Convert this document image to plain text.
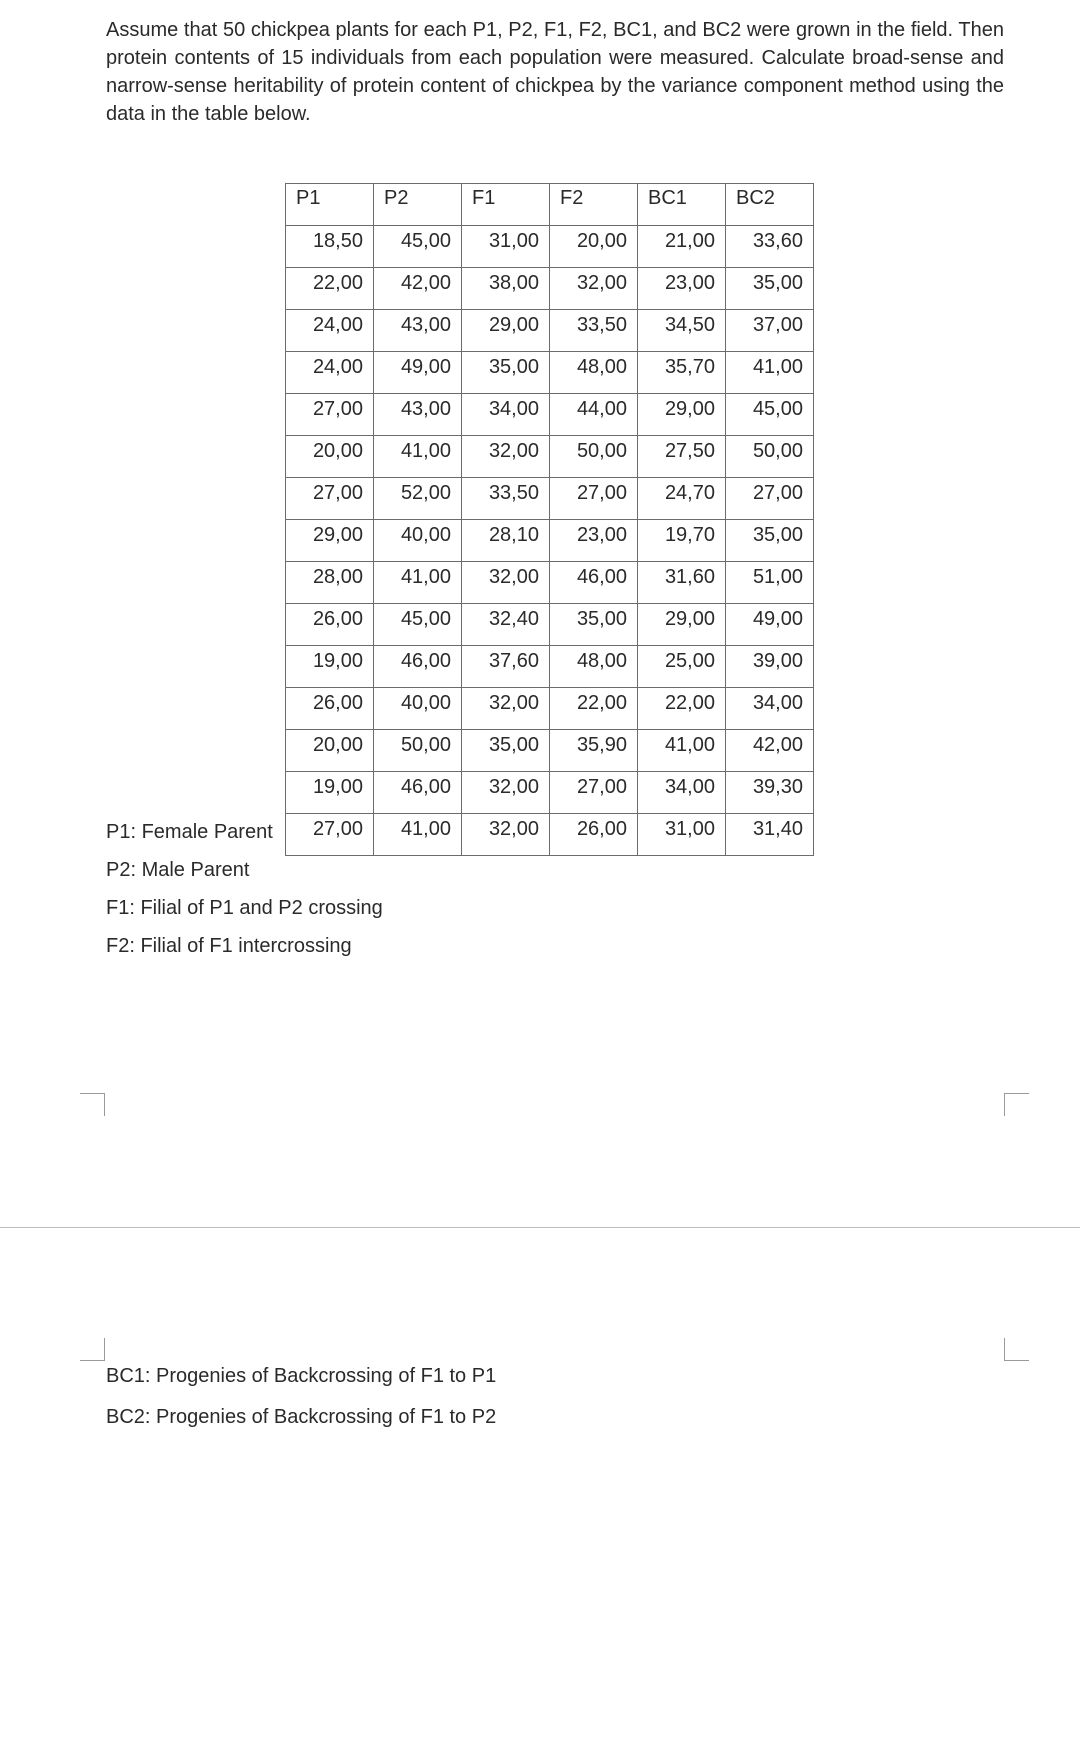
Assume that 50 chickpea plants for each P1, P2, F1, F2, BC1, and BC2 were grown in the field. Then protein contents of 15 individuals from each population were measured. Calculate broad-sense and narrow-sense heritability of protein content of chickpea by the variance component method using the data in the table below.

P1	P2	F1	F2	BC1	BC2
18,50	45,00	31,00	20,00	21,00	33,60
22,00	42,00	38,00	32,00	23,00	35,00
24,00	43,00	29,00	33,50	34,50	37,00
24,00	49,00	35,00	48,00	35,70	41,00
27,00	43,00	34,00	44,00	29,00	45,00
20,00	41,00	32,00	50,00	27,50	50,00
27,00	52,00	33,50	27,00	24,70	27,00
29,00	40,00	28,10	23,00	19,70	35,00
28,00	41,00	32,00	46,00	31,60	51,00
26,00	45,00	32,40	35,00	29,00	49,00
19,00	46,00	37,60	48,00	25,00	39,00
26,00	40,00	32,00	22,00	22,00	34,00
20,00	50,00	35,00	35,90	41,00	42,00
19,00	46,00	32,00	27,00	34,00	39,30
27,00	41,00	32,00	26,00	31,00	31,40

P1: Female Parent

P2: Male Parent

F1: Filial of P1 and P2 crossing

F2: Filial of F1 intercrossing

BC1: Progenies of Backcrossing of F1 to P1

BC2: Progenies of Backcrossing of F1 to P2
